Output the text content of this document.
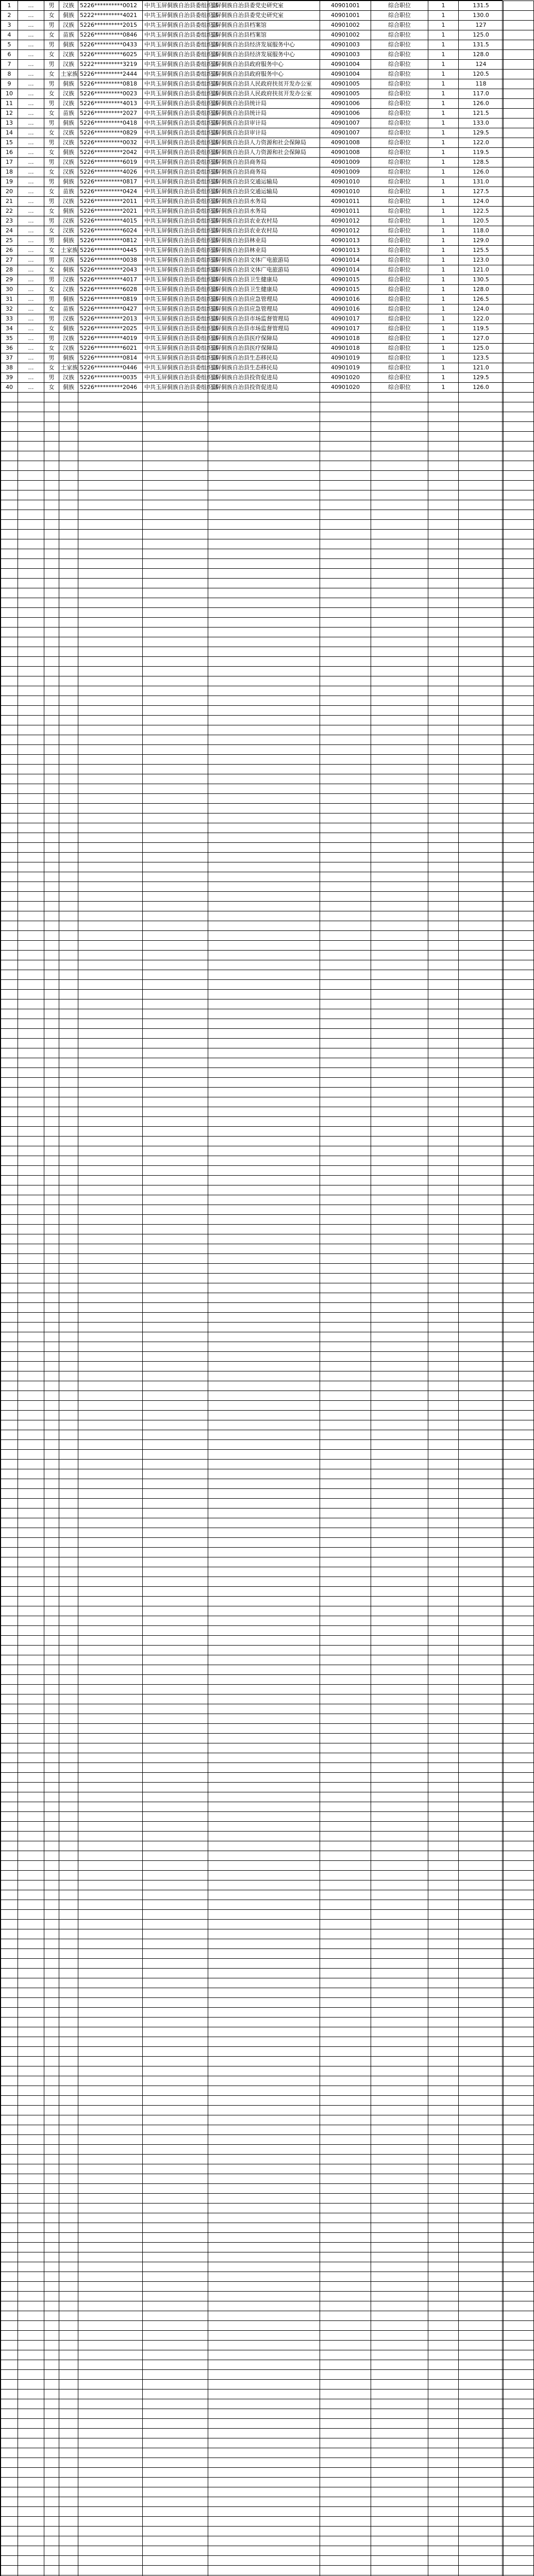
1	…	男	汉族	5226**********0012	中共玉屏侗族自治县委组织部	玉屏侗族自治县委党史研究室	40901001	综合职位	1	131.5	
2	…	女	侗族	5222**********4021	中共玉屏侗族自治县委组织部	玉屏侗族自治县委党史研究室	40901001	综合职位	1	130.0	
3	…	男	汉族	5226**********2015	中共玉屏侗族自治县委组织部	玉屏侗族自治县档案馆	40901002	综合职位	1	127	
4	…	女	苗族	5226**********0846	中共玉屏侗族自治县委组织部	玉屏侗族自治县档案馆	40901002	综合职位	1	125.0	
5	…	男	侗族	5226**********0433	中共玉屏侗族自治县委组织部	玉屏侗族自治县经济发展服务中心	40901003	综合职位	1	131.5	
6	…	女	汉族	5226**********6025	中共玉屏侗族自治县委组织部	玉屏侗族自治县经济发展服务中心	40901003	综合职位	1	128.0	
7	…	男	汉族	5222**********3219	中共玉屏侗族自治县委组织部	玉屏侗族自治县政府服务中心	40901004	综合职位	1	124	
8	…	女	土家族	5226**********2444	中共玉屏侗族自治县委组织部	玉屏侗族自治县政府服务中心	40901004	综合职位	1	120.5	
9	…	男	侗族	5226**********0818	中共玉屏侗族自治县委组织部	玉屏侗族自治县人民政府扶贫开发办公室	40901005	综合职位	1	118	
10	…	女	汉族	5226**********0023	中共玉屏侗族自治县委组织部	玉屏侗族自治县人民政府扶贫开发办公室	40901005	综合职位	1	117.0	
11	…	男	汉族	5226**********4013	中共玉屏侗族自治县委组织部	玉屏侗族自治县统计局	40901006	综合职位	1	126.0	
12	…	女	苗族	5226**********2027	中共玉屏侗族自治县委组织部	玉屏侗族自治县统计局	40901006	综合职位	1	121.5	
13	…	男	侗族	5226**********0418	中共玉屏侗族自治县委组织部	玉屏侗族自治县审计局	40901007	综合职位	1	133.0	
14	…	女	汉族	5226**********0829	中共玉屏侗族自治县委组织部	玉屏侗族自治县审计局	40901007	综合职位	1	129.5	
15	…	男	汉族	5226**********0032	中共玉屏侗族自治县委组织部	玉屏侗族自治县人力资源和社会保障局	40901008	综合职位	1	122.0	
16	…	女	侗族	5226**********2042	中共玉屏侗族自治县委组织部	玉屏侗族自治县人力资源和社会保障局	40901008	综合职位	1	119.5	
17	…	男	汉族	5226**********6019	中共玉屏侗族自治县委组织部	玉屏侗族自治县商务局	40901009	综合职位	1	128.5	
18	…	女	汉族	5226**********4026	中共玉屏侗族自治县委组织部	玉屏侗族自治县商务局	40901009	综合职位	1	126.0	
19	…	男	侗族	5226**********0817	中共玉屏侗族自治县委组织部	玉屏侗族自治县交通运输局	40901010	综合职位	1	131.0	
20	…	女	苗族	5226**********0424	中共玉屏侗族自治县委组织部	玉屏侗族自治县交通运输局	40901010	综合职位	1	127.5	
21	…	男	汉族	5226**********2011	中共玉屏侗族自治县委组织部	玉屏侗族自治县水务局	40901011	综合职位	1	124.0	
22	…	女	侗族	5226**********2021	中共玉屏侗族自治县委组织部	玉屏侗族自治县水务局	40901011	综合职位	1	122.5	
23	…	男	汉族	5226**********4015	中共玉屏侗族自治县委组织部	玉屏侗族自治县农业农村局	40901012	综合职位	1	120.5	
24	…	女	汉族	5226**********6024	中共玉屏侗族自治县委组织部	玉屏侗族自治县农业农村局	40901012	综合职位	1	118.0	
25	…	男	侗族	5226**********0812	中共玉屏侗族自治县委组织部	玉屏侗族自治县林业局	40901013	综合职位	1	129.0	
26	…	女	土家族	5226**********0445	中共玉屏侗族自治县委组织部	玉屏侗族自治县林业局	40901013	综合职位	1	125.5	
27	…	男	汉族	5226**********0038	中共玉屏侗族自治县委组织部	玉屏侗族自治县文体广电旅游局	40901014	综合职位	1	123.0	
28	…	女	侗族	5226**********2043	中共玉屏侗族自治县委组织部	玉屏侗族自治县文体广电旅游局	40901014	综合职位	1	121.0	
29	…	男	汉族	5226**********4017	中共玉屏侗族自治县委组织部	玉屏侗族自治县卫生健康局	40901015	综合职位	1	130.5	
30	…	女	汉族	5226**********6028	中共玉屏侗族自治县委组织部	玉屏侗族自治县卫生健康局	40901015	综合职位	1	128.0	
31	…	男	侗族	5226**********0819	中共玉屏侗族自治县委组织部	玉屏侗族自治县应急管理局	40901016	综合职位	1	126.5	
32	…	女	苗族	5226**********0427	中共玉屏侗族自治县委组织部	玉屏侗族自治县应急管理局	40901016	综合职位	1	124.0	
33	…	男	汉族	5226**********2013	中共玉屏侗族自治县委组织部	玉屏侗族自治县市场监督管理局	40901017	综合职位	1	122.0	
34	…	女	侗族	5226**********2025	中共玉屏侗族自治县委组织部	玉屏侗族自治县市场监督管理局	40901017	综合职位	1	119.5	
35	…	男	汉族	5226**********4019	中共玉屏侗族自治县委组织部	玉屏侗族自治县医疗保障局	40901018	综合职位	1	127.0	
36	…	女	汉族	5226**********6021	中共玉屏侗族自治县委组织部	玉屏侗族自治县医疗保障局	40901018	综合职位	1	125.0	
37	…	男	侗族	5226**********0814	中共玉屏侗族自治县委组织部	玉屏侗族自治县生态移民局	40901019	综合职位	1	123.5	
38	…	女	土家族	5226**********0446	中共玉屏侗族自治县委组织部	玉屏侗族自治县生态移民局	40901019	综合职位	1	121.0	
39	…	男	汉族	5226**********0035	中共玉屏侗族自治县委组织部	玉屏侗族自治县投资促进局	40901020	综合职位	1	129.5	
40	…	女	侗族	5226**********2046	中共玉屏侗族自治县委组织部	玉屏侗族自治县投资促进局	40901020	综合职位	1	126.0	
